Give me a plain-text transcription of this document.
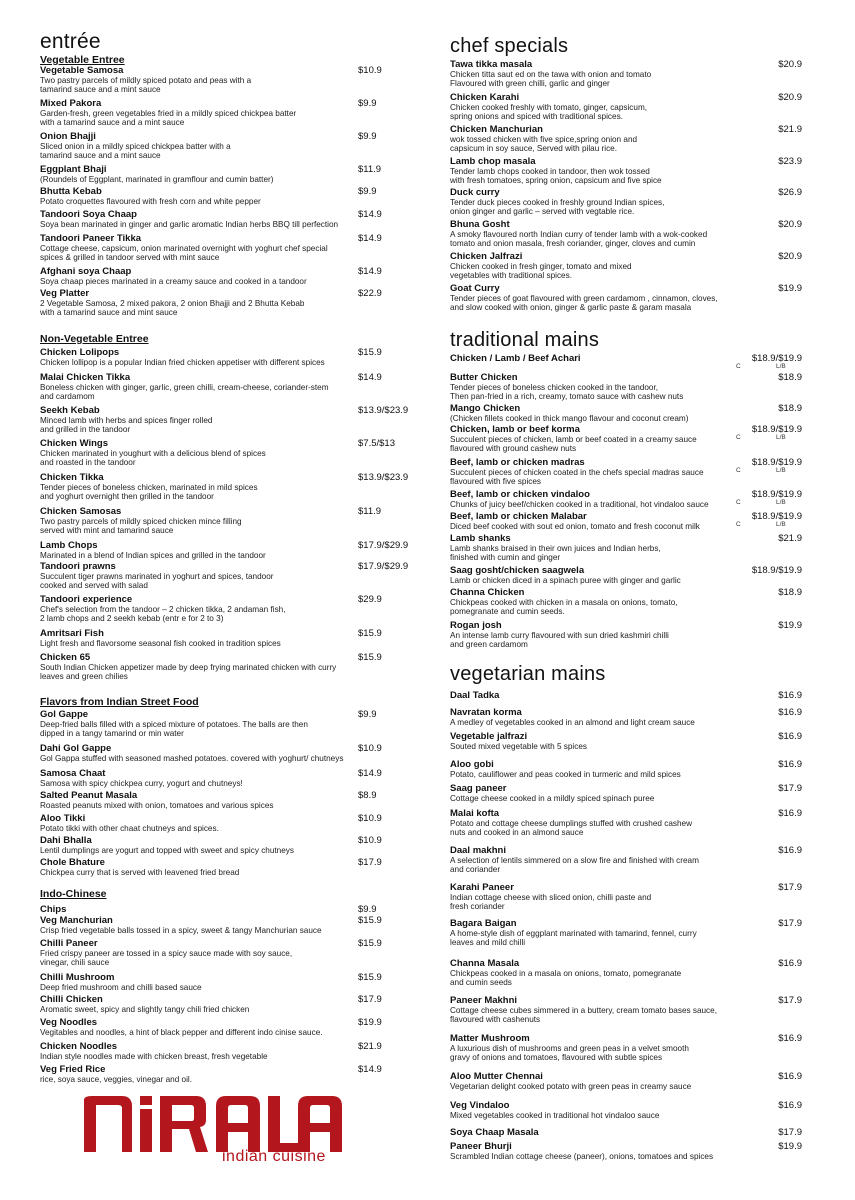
entrée
Vegetable Entree
Vegetable Samosa
Two pastry parcels of mildly spiced potato and peas with a
tamarind sauce and a mint sauce
$10.9
Mixed Pakora
Garden-fresh, green vegetables fried in a mildly spiced chickpea batter
with a tamarind sauce and a mint sauce
$9.9
Onion Bhajji
Sliced onion in a mildly spiced chickpea batter with a
tamarind sauce and a mint sauce
$9.9
Eggplant Bhaji
(Roundels of Eggplant, marinated in gramflour and cumin batter)
$11.9
Bhutta Kebab
Potato croquettes flavoured with fresh corn and white pepper
$9.9
Tandoori Soya Chaap
Soya bean marinated in ginger and garlic aromatic Indian herbs BBQ till perfection
$14.9
Tandoori Paneer Tikka
Cottage cheese, capsicum, onion marinated overnight with yoghurt chef special
spices & grilled in tandoor served with mint sauce
$14.9
Afghani soya Chaap
Soya chaap pieces marinated in a creamy sauce and cooked in a tandoor
$14.9
Veg Platter
2 Vegetable Samosa, 2 mixed pakora, 2 onion Bhajji and 2 Bhutta Kebab
with a tamarind sauce and mint sauce
$22.9
Non-Vegetable Entree
Chicken Lolipops
Chicken lollipop is a popular Indian fried chicken appetiser with different spices
$15.9
Malai Chicken Tikka
Boneless chicken with ginger, garlic, green chilli, cream-cheese, coriander-stem
and cardamom
$14.9
Seekh Kebab
Minced lamb with herbs and spices finger rolled
and grilled in the tandoor
$13.9/$23.9
Chicken Wings
Chicken marinated in youghurt with a delicious blend of spices
and roasted in the tandoor
$7.5/$13
Chicken Tikka
Tender pieces of boneless chicken, marinated in mild spices
and yoghurt overnight then grilled in the tandoor
$13.9/$23.9
Chicken Samosas
Two pastry parcels of mildly spiced chicken mince filling
served with mint and tamarind sauce
$11.9
Lamb Chops
Marinated in a blend of Indian spices and grilled in the tandoor
$17.9/$29.9
Tandoori prawns
Succulent tiger prawns marinated in yoghurt and spices, tandoor
cooked and served with salad
$17.9/$29.9
Tandoori experience
Chef's selection from the tandoor – 2 chicken tikka, 2 andaman fish,
2 lamb chops and 2 seekh kebab (entr e for 2 to 3)
$29.9
Amritsari Fish
Light fresh and flavorsome seasonal fish cooked in tradition spices
$15.9
Chicken 65
South Indian Chicken appetizer made by deep frying marinated chicken with curry
leaves and green chilies
$15.9
Flavors from Indian Street Food
Gol Gappe
Deep-fried balls filled with a spiced mixture of potatoes. The balls are then
dipped in a tangy tamarind or min water
$9.9
Dahi Gol Gappe
Gol Gappa stuffed with seasoned mashed potatoes. covered with yoghurt/ chutneys
$10.9
Samosa Chaat
Samosa with spicy chickpea curry, yogurt and chutneys!
$14.9
Salted Peanut Masala
Roasted peanuts mixed with onion, tomatoes and various spices
$8.9
Aloo Tikki
Potato tikki with other chaat chutneys and spices.
$10.9
Dahi Bhalla
Lentil dumplings are yogurt and topped with sweet and spicy chutneys
$10.9
Chole Bhature
Chickpea curry that is served with leavened fried bread
$17.9
Indo-Chinese
Chips	$9.9
Veg Manchurian
Crisp fried vegetable balls tossed in a spicy, sweet & tangy Manchurian sauce
$15.9
Chilli Paneer
Fried crispy paneer are tossed in a spicy sauce made with soy sauce,
vinegar, chili sauce
$15.9
Chilli Mushroom
Deep fried mushroom and chilli based sauce
$15.9
Chilli Chicken
Aromatic sweet, spicy and slightly tangy chili fried chicken
$17.9
Veg Noodles
Vegitables and noodles, a hint of black pepper and different indo cinise sauce.
$19.9
Chicken Noodles
Indian style noodles made with chicken breast, fresh vegetable
$21.9
Veg Fried Rice
rice, soya sauce, veggies, vinegar and oil.
$14.9
chef specials
Tawa tikka masala
Chicken titta saut ed on the tawa with onion and tomato
Flavoured with green chilli, garlic and ginger
$20.9
Chicken Karahi
Chicken cooked freshly with tomato, ginger, capsicum,
spring onions and spiced with traditional spices.
$20.9
Chicken Manchurian
wok tossed chicken with five spice,spring onion and
capsicum in soy sauce, Served with pilau rice.
$21.9
Lamb chop masala
Tender lamb chops cooked in tandoor, then wok tossed
with fresh tomatoes, spring onion, capsicum and five spice
$23.9
Duck curry
Tender duck pieces cooked in freshly ground Indian spices,
onion ginger and garlic – served with vegtable rice.
$26.9
Bhuna Gosht
A smoky flavoured north Indian curry of tender lamb with a wok-cooked
tomato and onion masala, fresh coriander, ginger, cloves and cumin
$20.9
Chicken Jalfrazi
Chicken cooked in fresh ginger, tomato and mixed
vegetables with traditional spices.
$20.9
Goat Curry
Tender pieces of goat flavoured with green cardamom , cinnamon, cloves,
and slow cooked with onion, ginger & garlic paste & garam masala
$19.9
traditional mains
Chicken / Lamb / Beef Achari	$18.9/$19.9
C	L/B
Butter Chicken
Tender pieces of boneless chicken cooked in the tandoor,
Then pan-fried in a rich, creamy, tomato sauce with cashew nuts
$18.9
Mango Chicken
(Chicken fillets cooked in thick mango flavour and coconut cream)
$18.9
Chicken, lamb or beef korma
Succulent pieces of chicken, lamb or beef coated in a creamy sauce
flavoured with ground cashew nuts
$18.9/$19.9
C	L/B
Beef, lamb or chicken madras
Succulent pieces of chicken coated in the chefs special madras sauce
flavoured with five spices
$18.9/$19.9
C	L/B
Beef, lamb or chicken vindaloo
Chunks of juicy beef/chicken cooked in a traditional, hot vindaloo sauce
$18.9/$19.9
C	L/B
Beef, lamb or chicken Malabar
Diced beef cooked with sout ed onion, tomato and fresh coconut milk
$18.9/$19.9
C	L/B
Lamb shanks
Lamb shanks braised in their own juices and Indian herbs,
finished with cumin and ginger
$21.9
Saag gosht/chicken saagwela
Lamb or chicken diced in a spinach puree with ginger and garlic
$18.9/$19.9
Channa Chicken
Chickpeas cooked with chicken in a masala on onions, tomato,
pomegranate and cumin seeds.
$18.9
Rogan josh
An intense lamb curry flavoured with sun dried kashmiri chilli
and green cardamom
$19.9
vegetarian mains
Daal Tadka	$16.9
Navratan korma
A medley of vegetables cooked in an almond and light cream sauce
$16.9
Vegetable jalfrazi
Souted mixed vegetable with 5 spices
$16.9
Aloo gobi
Potato, cauliflower and peas cooked in turmeric and mild spices
$16.9
Saag paneer
Cottage cheese cooked in a mildly spiced spinach puree
$17.9
Malai kofta
Potato and cottage cheese dumplings stuffed with crushed cashew
nuts and cooked in an almond sauce
$16.9
Daal makhni
A selection of lentils simmered on a slow fire and finished with cream
and coriander
$16.9
Karahi Paneer
Indian cottage cheese with sliced onion, chilli paste and
fresh coriander
$17.9
Bagara Baigan
A home-style dish of eggplant marinated with tamarind, fennel, curry
leaves and mild chilli
$17.9
Channa Masala
Chickpeas cooked in a masala on onions, tomato, pomegranate
and cumin seeds
$16.9
Paneer Makhni
Cottage cheese cubes simmered in a buttery, cream tomato bases sauce,
flavoured with cashenuts
$17.9
Matter Mushroom
A luxurious dish of mushrooms and green peas in a velvet smooth
gravy of onions and tomatoes, flavoured with subtle spices
$16.9
Aloo Mutter Chennai
Vegetarian delight cooked potato with green peas in creamy sauce
$16.9
Veg Vindaloo
Mixed vegetables cooked in traditional hot vindaloo sauce
$16.9
Soya Chaap Masala	$17.9
Paneer Bhurji
Scrambled Indian cottage cheese (paneer), onions, tomatoes and spices
$19.9
indian cuisine
